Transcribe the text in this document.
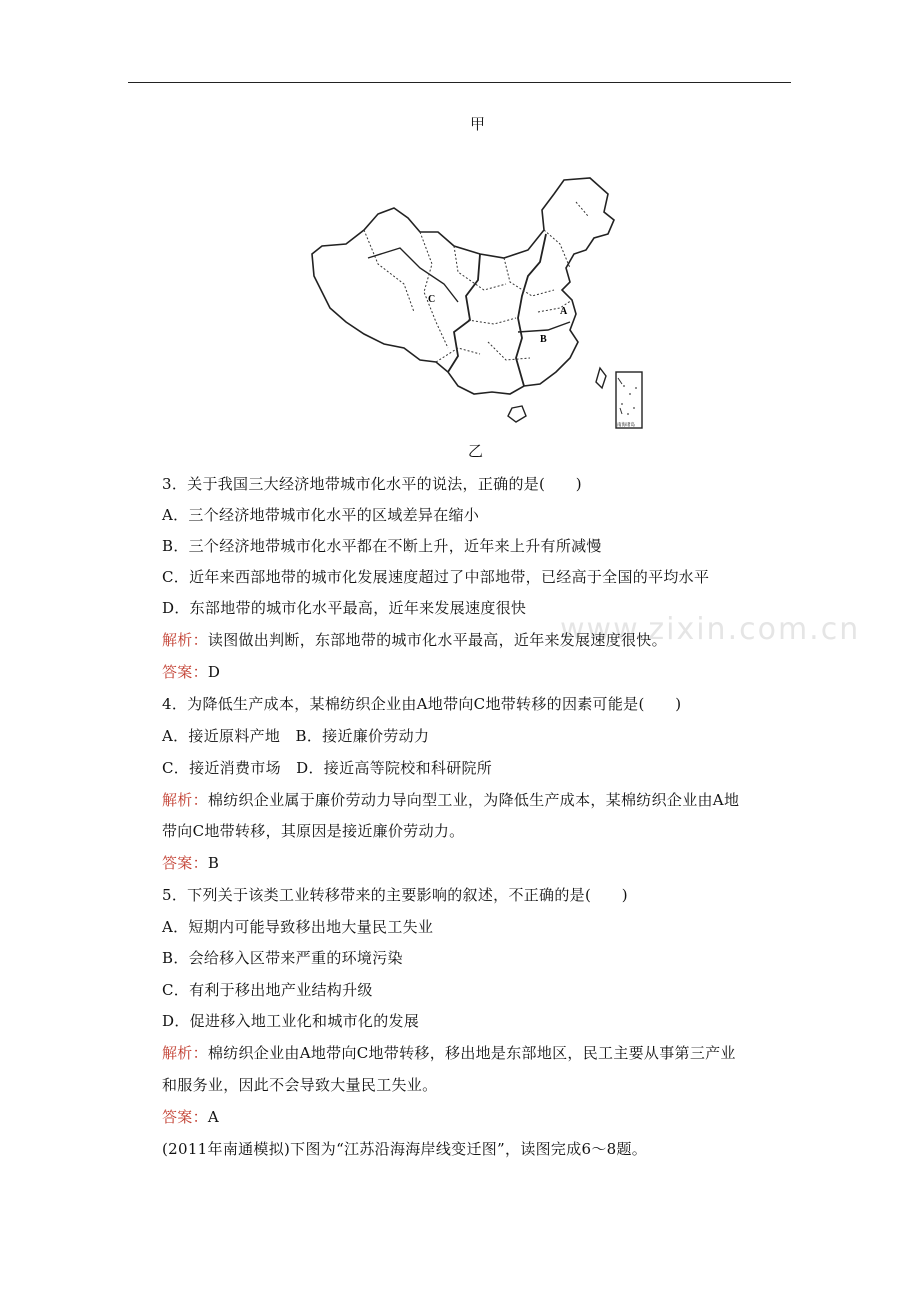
甲
C
A
B
南海诸岛
乙
www.zixin.com.cn
3．关于我国三大经济地带城市化水平的说法，正确的是(　　)
A．三个经济地带城市化水平的区域差异在缩小
B．三个经济地带城市化水平都在不断上升，近年来上升有所减慢
C．近年来西部地带的城市化发展速度超过了中部地带，已经高于全国的平均水平
D．东部地带的城市化水平最高，近年来发展速度很快
解析：读图做出判断，东部地带的城市化水平最高，近年来发展速度很快。
答案：D
4．为降低生产成本，某棉纺织企业由A地带向C地带转移的因素可能是(　　)
A．接近原料产地　B．接近廉价劳动力
C．接近消费市场　D．接近高等院校和科研院所
解析：棉纺织企业属于廉价劳动力导向型工业，为降低生产成本，某棉纺织企业由A地
带向C地带转移，其原因是接近廉价劳动力。
答案：B
5．下列关于该类工业转移带来的主要影响的叙述，不正确的是(　　)
A．短期内可能导致移出地大量民工失业
B．会给移入区带来严重的环境污染
C．有利于移出地产业结构升级
D．促进移入地工业化和城市化的发展
解析：棉纺织企业由A地带向C地带转移，移出地是东部地区，民工主要从事第三产业
和服务业，因此不会导致大量民工失业。
答案：A
(2011年南通模拟)下图为“江苏沿海海岸线变迁图”，读图完成6～8题。
